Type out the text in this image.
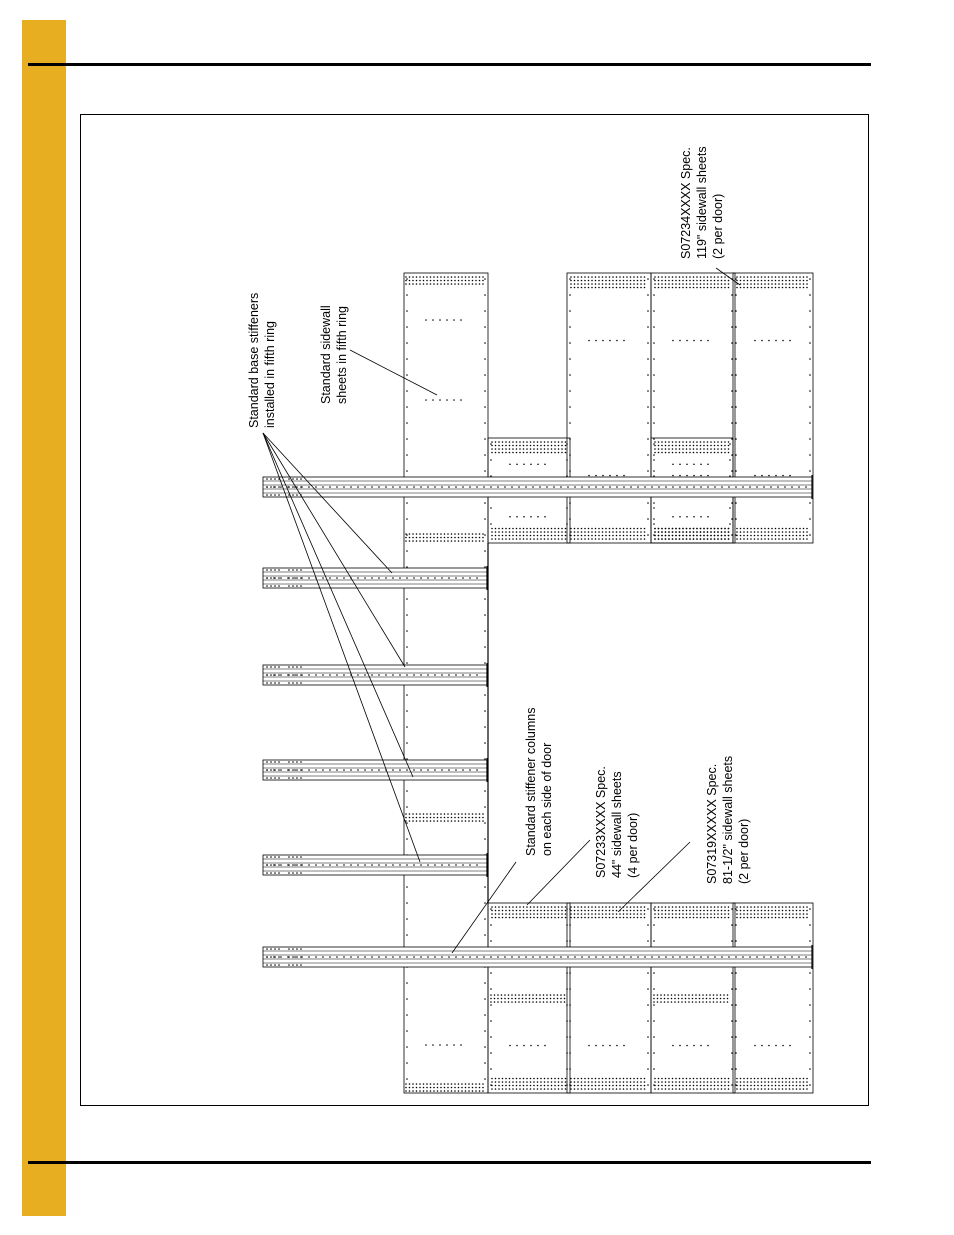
Standard base stiffeners installed in fifth ring	Standard sidewall sheets in fifth ring
Standard stiffener columns on each side of door	S07233XXXX Spec. 44" sidewall sheets (4 per door)	S07319XXXXX Spec. 81-1/2" sidewall sheets (2 per door)
S07234XXXX Spec. 119" sidewall sheets (2 per door)
